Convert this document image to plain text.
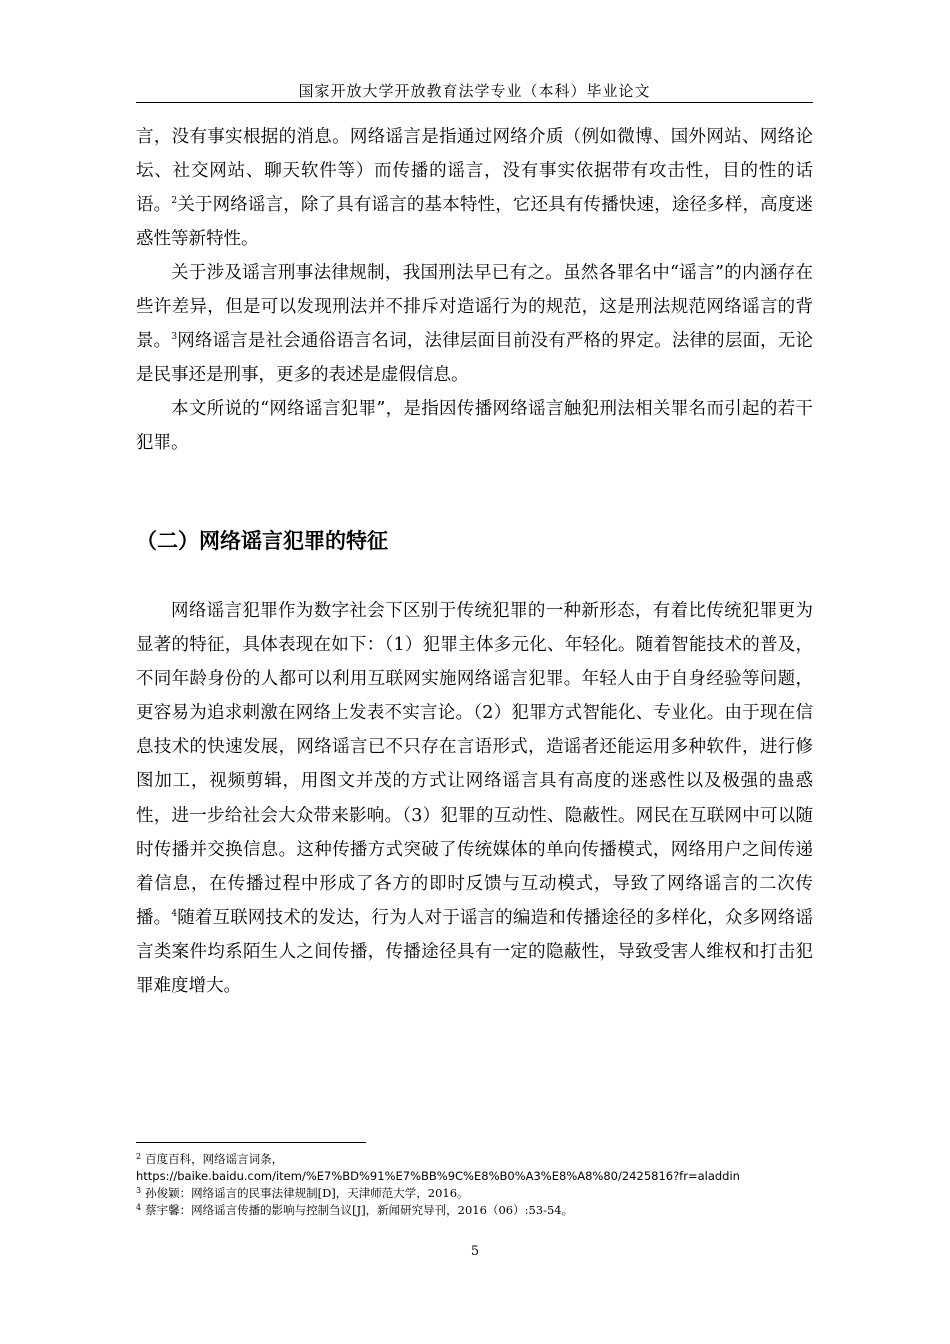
国家开放大学开放教育法学专业（本科）毕业论文

言，没有事实根据的消息。网络谣言是指通过网络介质（例如微博、国外网站、网络论坛、社交网站、聊天软件等）而传播的谣言，没有事实依据带有攻击性，目的性的话语。$^2$关于网络谣言，除了具有谣言的基本特性，它还具有传播快速，途径多样，高度迷惑性等新特性。

关于涉及谣言刑事法律规制，我国刑法早已有之。虽然各罪名中“谣言”的内涵存在些许差异，但是可以发现刑法并不排斥对造谣行为的规范，这是刑法规范网络谣言的背景。$^3$网络谣言是社会通俗语言名词，法律层面目前没有严格的界定。法律的层面，无论是民事还是刑事，更多的表述是虚假信息。

本文所说的“网络谣言犯罪”，是指因传播网络谣言触犯刑法相关罪名而引起的若干犯罪。

（二）网络谣言犯罪的特征

网络谣言犯罪作为数字社会下区别于传统犯罪的一种新形态，有着比传统犯罪更为显著的特征，具体表现在如下：（1）犯罪主体多元化、年轻化。随着智能技术的普及，不同年龄身份的人都可以利用互联网实施网络谣言犯罪。年轻人由于自身经验等问题，更容易为追求刺激在网络上发表不实言论。（2）犯罪方式智能化、专业化。由于现在信息技术的快速发展，网络谣言已不只存在言语形式，造谣者还能运用多种软件，进行修图加工，视频剪辑，用图文并茂的方式让网络谣言具有高度的迷惑性以及极强的蛊惑性，进一步给社会大众带来影响。（3）犯罪的互动性、隐蔽性。网民在互联网中可以随时传播并交换信息。这种传播方式突破了传统媒体的单向传播模式，网络用户之间传递着信息，在传播过程中形成了各方的即时反馈与互动模式，导致了网络谣言的二次传播。$^4$随着互联网技术的发达，行为人对于谣言的编造和传播途径的多样化，众多网络谣言类案件均系陌生人之间传播，传播途径具有一定的隐蔽性，导致受害人维权和打击犯罪难度增大。

$^2$ 百度百科，网络谣言词条，

https://baike.baidu.com/item/%E7%BD%91%E7%BB%9C%E8%B0%A3%E8%A8%80/2425816?fr=aladdin

$^3$ 孙俊颖：网络谣言的民事法律规制[D]，天津师范大学，2016。

$^4$ 蔡宇馨：网络谣言传播的影响与控制刍议[J]，新闻研究导刊，2016（06）:53-54。

5
